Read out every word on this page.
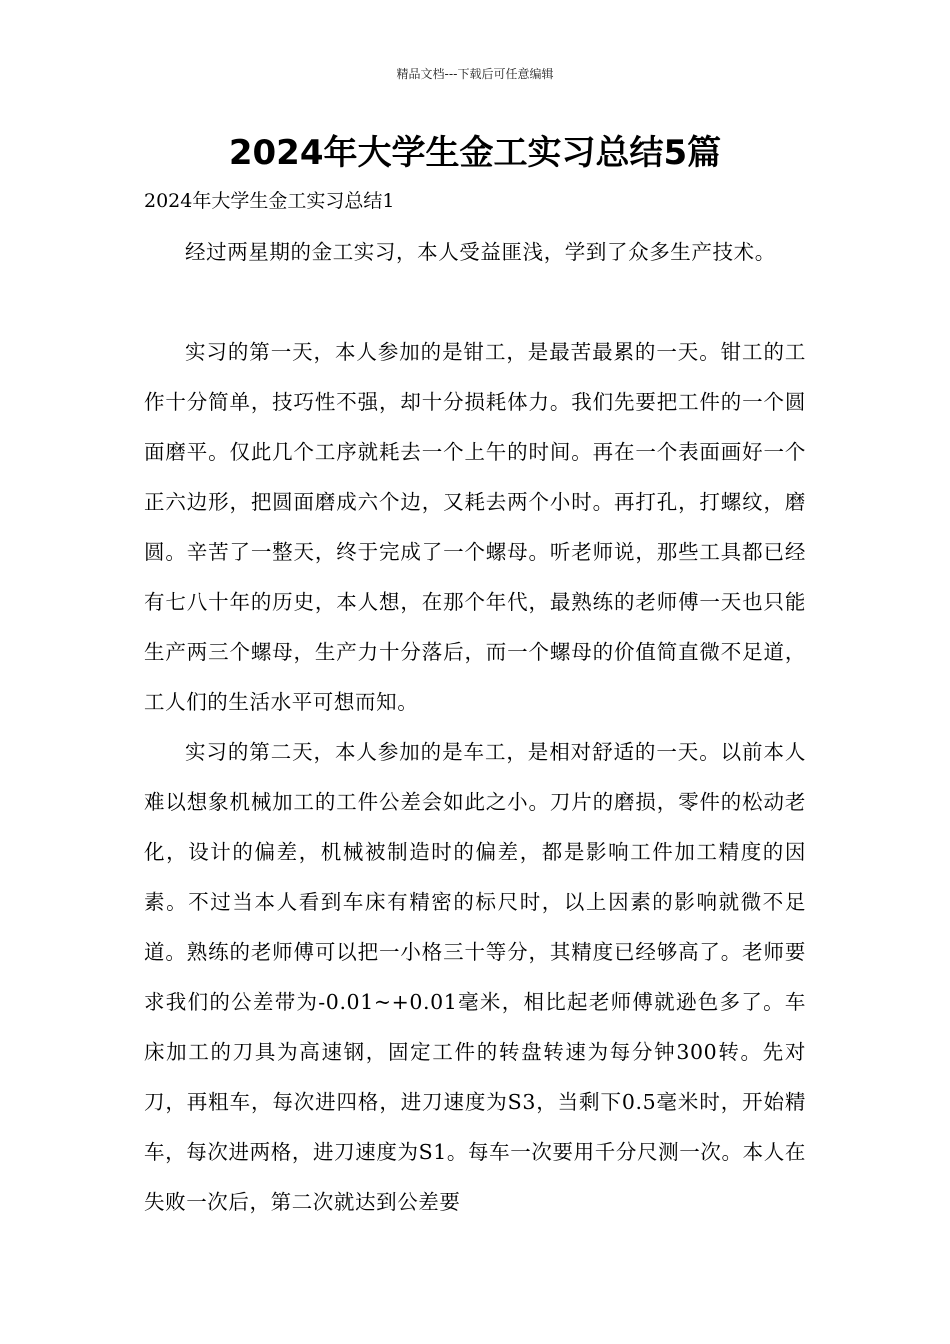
精品文档---下载后可任意编辑
2024年大学生金工实习总结5篇
2024年大学生金工实习总结1

经过两星期的金工实习，本人受益匪浅，学到了众多生产技术。

实习的第一天，本人参加的是钳工，是最苦最累的一天。钳工的工作十分简单，技巧性不强，却十分损耗体力。我们先要把工件的一个圆面磨平。仅此几个工序就耗去一个上午的时间。再在一个表面画好一个正六边形，把圆面磨成六个边，又耗去两个小时。再打孔，打螺纹，磨圆。辛苦了一整天，终于完成了一个螺母。听老师说，那些工具都已经有七八十年的历史，本人想，在那个年代，最熟练的老师傅一天也只能生产两三个螺母，生产力十分落后，而一个螺母的价值简直微不足道，工人们的生活水平可想而知。

实习的第二天，本人参加的是车工，是相对舒适的一天。以前本人难以想象机械加工的工件公差会如此之小。刀片的磨损，零件的松动老化，设计的偏差，机械被制造时的偏差，都是影响工件加工精度的因素。不过当本人看到车床有精密的标尺时，以上因素的影响就微不足道。熟练的老师傅可以把一小格三十等分，其精度已经够高了。老师要求我们的公差带为-0.01~+0.01毫米，相比起老师傅就逊色多了。车床加工的刀具为高速钢，固定工件的转盘转速为每分钟300转。先对刀，再粗车，每次进四格，进刀速度为S3，当剩下0.5毫米时，开始精车，每次进两格，进刀速度为S1。每车一次要用千分尺测一次。本人在失败一次后，第二次就达到公差要
